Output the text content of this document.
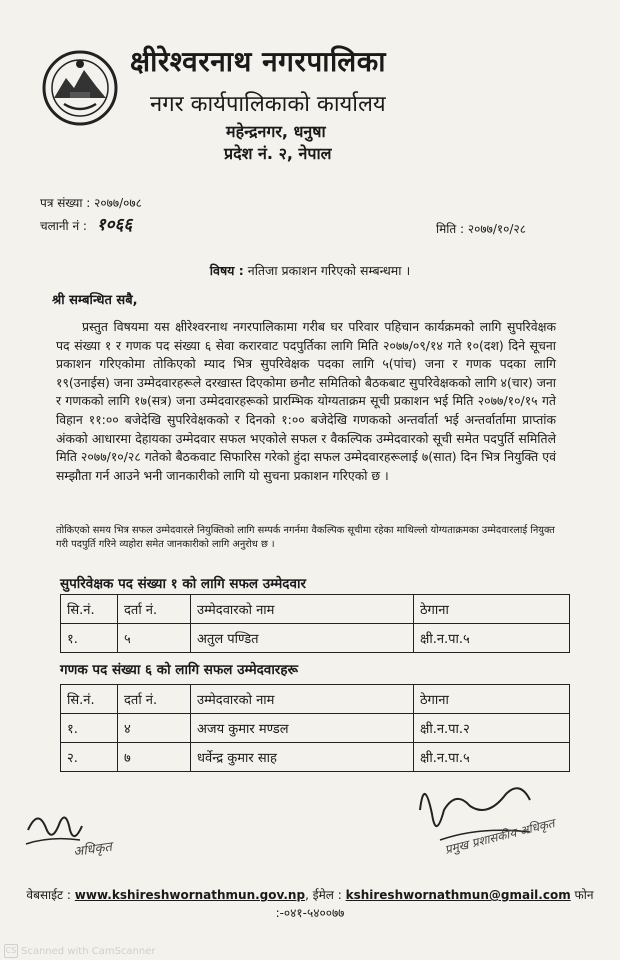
क्षीरेश्वरनाथ नगरपालिका
नगर कार्यपालिकाको कार्यालय
महेन्द्रनगर, धनुषा
प्रदेश नं. २, नेपाल
पत्र संख्या : २०७७/०७८
चलानी नं : १०६६	मिति : २०७७/१०/२८
विषय : नतिजा प्रकाशन गरिएको सम्बन्धमा ।
श्री सम्बन्धित सबै,
प्रस्तुत विषयमा यस क्षीरेश्वरनाथ नगरपालिकामा गरीब घर परिवार पहिचान कार्यक्रमको लागि सुपरिवेक्षक पद संख्या १ र गणक पद संख्या ६ सेवा करारवाट पदपुर्तिका लागि मिति २०७७/०९/१४ गते १०(दश) दिने सूचना प्रकाशन गरिएकोमा तोकिएको म्याद भित्र सुपरिवेक्षक पदका लागि ५(पांच) जना र गणक पदका लागि १९(उनाईस) जना उम्मेदवारहरूले दरखास्त दिएकोमा छनौट समितिको बैठकबाट सुपरिवेक्षकको लागि ४(चार) जना र गणकको लागि १७(सत्र) जना उम्मेदवारहरूको प्रारम्भिक योग्यताक्रम सूची प्रकाशन भई मिति २०७७/१०/१५ गते विहान ११:०० बजेदेखि सुपरिवेक्षकको र दिनको १:०० बजेदेखि गणकको अन्तर्वार्ता भई अन्तर्वार्तामा प्राप्तांक अंकको आधारमा देहायका उम्मेदवार सफल भएकोले सफल र वैकल्पिक उम्मेदवारको सूची समेत पदपुर्ति समितिले मिति २०७७/१०/२८ गतेको बैठकवाट सिफारिस गरेको हुंदा सफल उम्मेदवारहरूलाई ७(सात) दिन भित्र नियुक्ति एवं सम्झौता गर्न आउने भनी जानकारीको लागि यो सुचना प्रकाशन गरिएको छ ।
तोकिएको समय भित्र सफल उम्मेदवारले नियुक्तिको लागि सम्पर्क नगर्नमा वैकल्पिक सूचीमा रहेका माथिल्लो योग्यताक्रमका उम्मेदवारलाई नियुक्त गरी पदपुर्ति गरिने व्यहोरा समेत जानकारीको लागि अनुरोध छ ।
सुपरिवेक्षक पद संख्या १ को लागि सफल उम्मेदवार
सि.नं.	दर्ता नं.	उम्मेदवारको नाम	ठेगाना
१.	५	अतुल पण्डित	क्षी.न.पा.५
गणक पद संख्या ६ को लागि सफल उम्मेदवारहरू
सि.नं.	दर्ता नं.	उम्मेदवारको नाम	ठेगाना
१.	४	अजय कुमार मण्डल	क्षी.न.पा.२
२.	७	धर्वेन्द्र कुमार साह	क्षी.न.पा.५
अधिकृत	प्रमुख प्रशासकीय अधिकृत
वेबसाईट : www.kshireshwornathmun.gov.np, ईमेल : kshireshwornathmun@gmail.com फोन
:-०४१-५४००७७
CS Scanned with CamScanner
